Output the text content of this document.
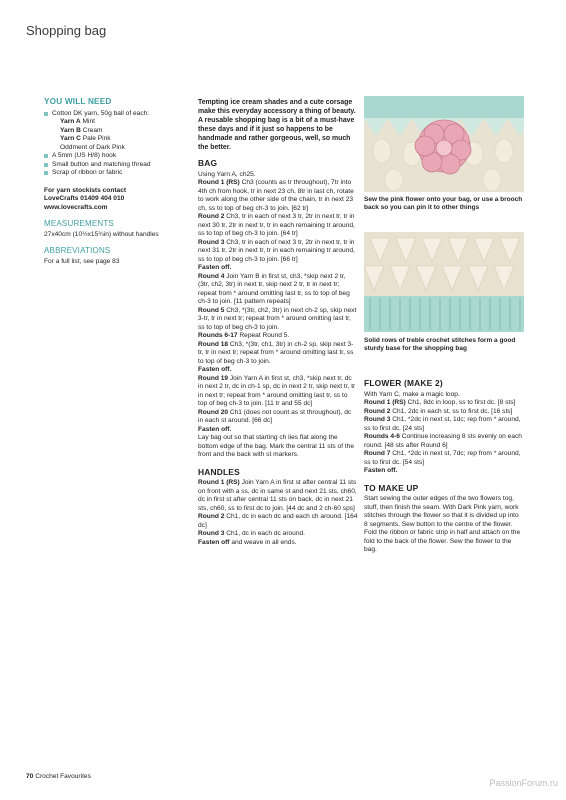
Shopping bag
YOU WILL NEED
Cotton DK yarn, 50g ball of each:
Yarn A Mint
Yarn B Cream
Yarn C Pale Pink
Oddment of Dark Pink
A 5mm (US H/8) hook
Small button and matching thread
Scrap of ribbon or fabric
For yarn stockists contact
LoveCrafts 01409 404 010
www.lovecrafts.com
MEASUREMENTS
27x40cm (10½x15¾in) without handles
ABBREVIATIONS
For a full list, see page 83
Tempting ice cream shades and a cute corsage make this everyday accessory a thing of beauty. A reusable shopping bag is a bit of a must-have these days and if it just so happens to be handmade and rather gorgeous, well, so much the better.
BAG

Using Yarn A, ch25.

Round 1 (RS) Ch3 (counts as tr throughout), 7tr into 4th ch from hook, tr in next 23 ch, 8tr in last ch, rotate to work along the other side of the chain, tr in next 23 ch, ss to top of beg ch-3 to join. [62 tr]

Round 2 Ch3, tr in each of next 3 tr, 2tr in next tr, tr in next 30 tr, 2tr in next tr, tr in each remaining tr around, ss to top of beg ch-3 to join. [64 tr]

Round 3 Ch3, tr in each of next 3 tr, 2tr in next tr, tr in next 31 tr, 2tr in next tr, tr in each remaining tr around, ss to top of beg ch-3 to join. [66 tr]

Fasten off.

Round 4 Join Yarn B in first st, ch3, *skip next 2 tr, (3tr, ch2, 3tr) in next tr, skip next 2 tr, tr in next tr; repeat from * around omitting last tr, ss to top of beg ch-3 to join. [11 pattern repeats]

Round 5 Ch3, *(3tr, ch2, 3tr) in next ch-2 sp, skip next 3-tr, tr in next tr; repeat from * around omitting last tr, ss to top of beg ch-3 to join.

Rounds 6-17 Repeat Round 5.

Round 18 Ch3, *(3tr, ch1, 3tr) in ch-2 sp, skip next 3-tr, tr in next tr; repeat from * around omitting last tr, ss to top of beg ch-3 to join.

Fasten off.

Round 19 Join Yarn A in first st, ch3, *skip next tr, dc in next 2 tr, dc in ch-1 sp, dc in next 2 tr, skip next tr, tr in next tr; repeat from * around omitting last tr, ss to top of beg ch-3 to join. [11 tr and 55 dc]

Round 20 Ch1 (does not count as st throughout), dc in each st around. [66 dc]

Fasten off.

Lay bag out so that starting ch lies flat along the bottom edge of the bag. Mark the central 11 sts of the front and the back with st markers.

HANDLES

Round 1 (RS) Join Yarn A in first st after central 11 sts on front with a ss, dc in same st and next 21 sts, ch60, dc in first st after central 11 sts on back, dc in next 21 sts, ch60, ss to first dc to join. [44 dc and 2 ch-60 sps]

Round 2 Ch1, dc in each dc and each ch around. [164 dc]

Round 3 Ch1, dc in each dc around.

Fasten off and weave in all ends.

Sew the pink flower onto your bag, or use a brooch back so you can pin it to other things
Solid rows of treble crochet stitches form a good sturdy base for the shopping bag
FLOWER (MAKE 2)

With Yarn C, make a magic loop.

Round 1 (RS) Ch1, 8dc in loop, ss to first dc. [8 sts]

Round 2 Ch1, 2dc in each st, ss to first dc. [16 sts]

Round 3 Ch1, *2dc in next st, 1dc; rep from * around, ss to first dc. [24 sts]

Rounds 4-6 Continue increasing 8 sts evenly on each round. [48 sts after Round 6]

Round 7 Ch1, *2dc in next st, 7dc; rep from * around, ss to first dc. [54 sts]

Fasten off.

TO MAKE UP
Start sewing the outer edges of the two flowers tog, stuff, then finish the seam. With Dark Pink yarn, work stitches through the flower so that it is divided up into 8 segments. Sew button to the centre of the flower. Fold the ribbon or fabric strip in half and attach on the fold to the back of the flower. Sew the flower to the bag.
70 Crochet Favourites
PassionForum.ru
